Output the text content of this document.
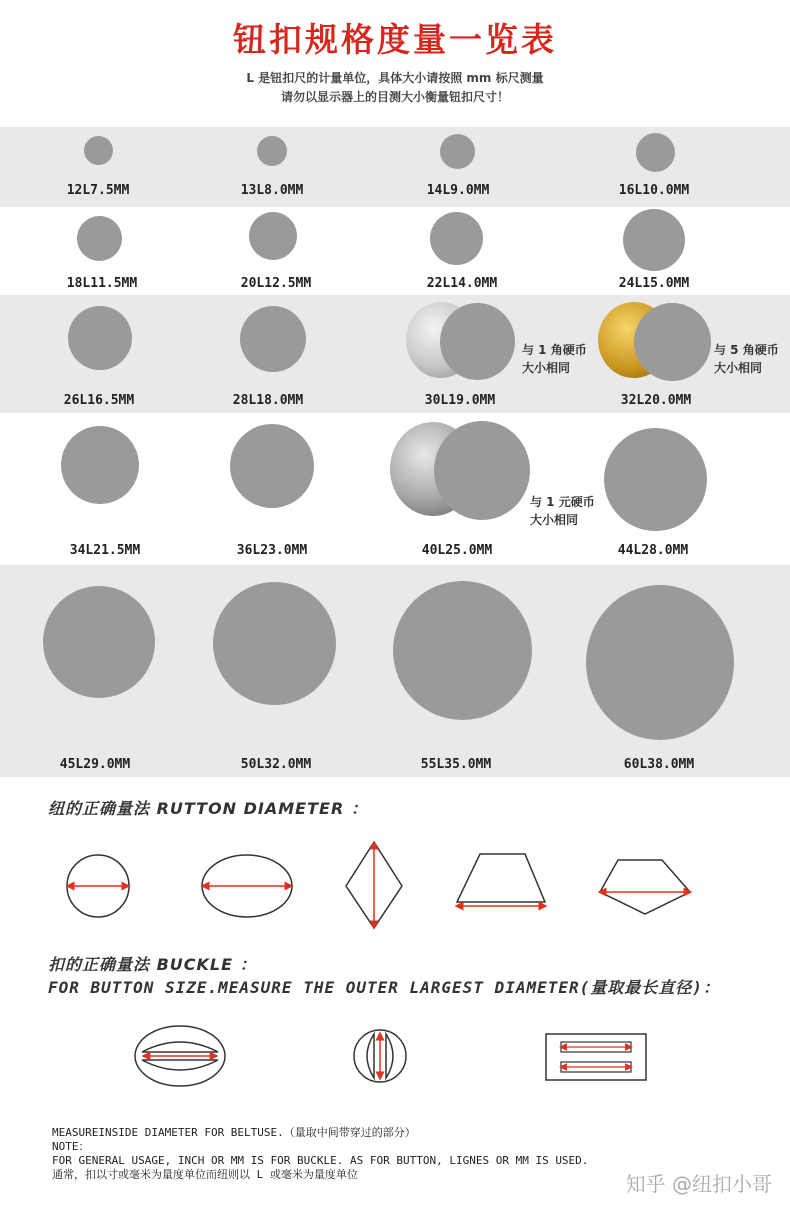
钮扣规格度量一览表
L 是钮扣尺的计量单位，具体大小请按照 mm 标尺测量
请勿以显示器上的目测大小衡量钮扣尺寸！
12L7.5MM	13L8.0MM	14L9.0MM	16L10.0MM
18L11.5MM	20L12.5MM	22L14.0MM	24L15.0MM
与 1 角硬币
大小相同
与 5 角硬币
大小相同
26L16.5MM	28L18.0MM	30L19.0MM	32L20.0MM
与 1 元硬币
大小相同
34L21.5MM	36L23.0MM	40L25.0MM	44L28.0MM
45L29.0MM	50L32.0MM	55L35.0MM	60L38.0MM
纽的正确量法 RUTTON DIAMETER ：
扣的正确量法 BUCKLE ：
FOR BUTTON SIZE.MEASURE THE OUTER LARGEST DIAMETER(量取最长直径)：
MEASUREINSIDE DIAMETER FOR BELTUSE.（量取中间带穿过的部分）
NOTE：
FOR GENERAL USAGE, INCH OR MM IS FOR BUCKLE. AS FOR BUTTON, LIGNES OR MM IS USED.
通常，扣以寸或毫米为量度单位而纽则以 L 或毫米为量度单位	知乎 @纽扣小哥
